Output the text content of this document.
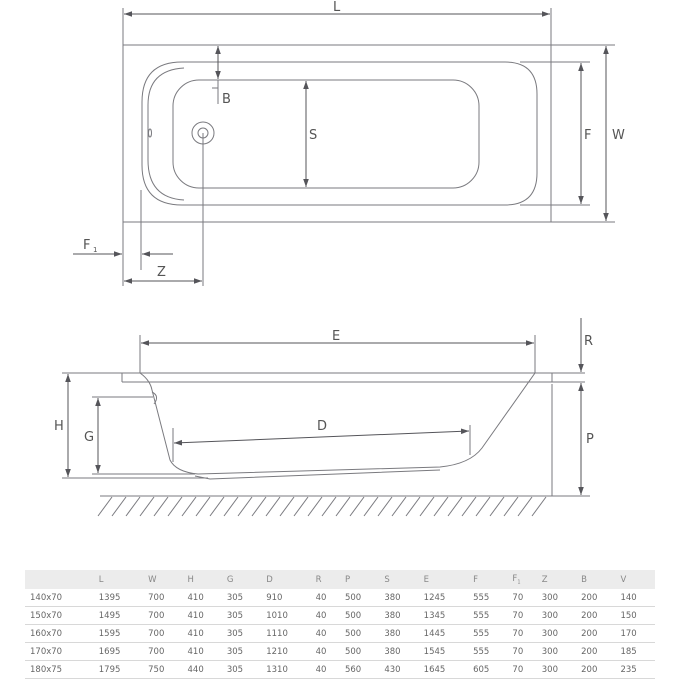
L
W
F
B
S
F 1
Z
E
H
G
D
R
P
	L	W	H	G	D	R	P	S	E	F	$F_1$	Z	B	V
140x70	1395	700	410	305	910	40	500	380	1245	555	70	300	200	140
150x70	1495	700	410	305	1010	40	500	380	1345	555	70	300	200	150
160x70	1595	700	410	305	1110	40	500	380	1445	555	70	300	200	170
170x70	1695	700	410	305	1210	40	500	380	1545	555	70	300	200	185
180x75	1795	750	440	305	1310	40	560	430	1645	605	70	300	200	235
